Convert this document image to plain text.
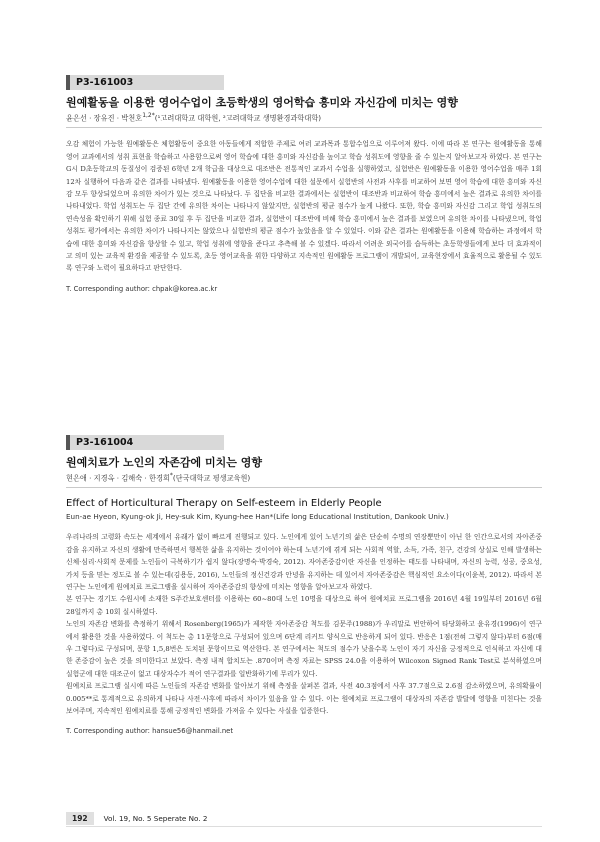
P3-161003
원예활동을 이용한 영어수업이 초등학생의 영어학습 흥미와 자신감에 미치는 영향
윤은선 · 장유진 · 박천호$^{1,2*}$(¹고려대학교 대학원, ²고려대학교 생명환경과학대학)

오감 체험이 가능한 원예활동은 체험활동이 중요한 아동들에게 적합한 주제로 여러 교과목과 통합수업으로 이루어져 왔다. 이에 따라 본 연구는 원예활동을 통해 영어 교과에서의 성취 표현을 학습하고 사용함으로써 영어 학습에 대한 흥미와 자신감을 높이고 학습 성취도에 영향을 줄 수 있는지 알아보고자 하였다. 본 연구는 G시 D초등학교의 동질성이 검증된 6학년 2개 학급을 대상으로 대조반은 전통적인 교과서 수업을 실행하였고, 실험반은 원예활동을 이용한 영어수업을 매주 1회 12차 실행하여 다음과 같은 결과를 나타냈다. 원예활동을 이용한 영어수업에 대한 설문에서 실험반의 사전과 사후를 비교하여 보면 영어 학습에 대한 흥미와 자신감 모두 향상되었으며 유의한 차이가 있는 것으로 나타났다. 두 집단을 비교한 결과에서는 실험반이 대조반과 비교하여 학습 흥미에서 높은 결과로 유의한 차이를 나타내었다. 학업 성취도는 두 집단 간에 유의한 차이는 나타나지 않았지만, 실험반의 평균 점수가 높게 나왔다. 또한, 학습 흥미와 자신감 그리고 학업 성취도의 연속성을 확인하기 위해 실험 종료 30일 후 두 집단을 비교한 결과, 실험반이 대조반에 비해 학습 흥미에서 높은 결과를 보였으며 유의한 차이를 나타냈으며, 학업 성취도 평가에서는 유의한 차이가 나타나지는 않았으나 실험반의 평균 점수가 높았음을 알 수 있었다. 이와 같은 결과는 원예활동을 이용해 학습하는 과정에서 학습에 대한 흥미와 자신감을 향상할 수 있고, 학업 성취에 영향을 준다고 추측해 볼 수 있겠다. 따라서 어려운 외국어를 습득하는 초등학생들에게 보다 더 효과적이고 의미 있는 교육적 환경을 제공할 수 있도록, 초등 영어교육을 위한 다양하고 지속적인 원예활동 프로그램이 개발되어, 교육현장에서 효율적으로 활용될 수 있도록 연구와 노력이 필요하다고 판단한다.

T. Corresponding author: chpak@korea.ac.kr
P3-161004
원예치료가 노인의 자존감에 미치는 영향
현은애 · 지경옥 · 김해숙 · 한경희*(단국대학교 평생교육원)
Effect of Horticultural Therapy on Self-esteem in Elderly People
Eun-ae Hyeon, Kyung-ok Ji, Hey-suk Kim, Kyung-hee Han*(Life long Educational Institution, Dankook Univ.)

우리나라의 고령화 속도는 세계에서 유래가 없이 빠르게 진행되고 있다. 노인에게 있어 노년기의 삶은 단순히 수명의 연장뿐만이 아닌 한 인간으로서의 자아존중감을 유지하고 자신의 생활에 만족하면서 행복한 삶을 유지하는 것이어야 하는데 노년기에 겪게 되는 사회적 역할, 소득, 가족, 친구, 건강의 상실로 인해 발생하는 신체·심리·사회적 문제를 노인들이 극복하기가 쉽지 않다(장명숙·박경숙, 2012). 자아존중감이란 자신을 인정하는 태도를 나타내며, 자신의 능력, 성공, 중요성, 가치 등을 믿는 정도로 볼 수 있는데(김용동, 2016), 노인들의 정신건강과 안녕을 유지하는 데 있어서 자아존중감은 핵심적인 요소이다(이윤복, 2012). 따라서 본 연구는 노인에게 원예치료 프로그램을 실시하여 자아존중감의 향상에 미치는 영향을 알아보고자 하였다.

본 연구는 경기도 수원시에 소재한 S주간보호센터를 이용하는 60~80대 노인 10명을 대상으로 하여 원예치료 프로그램을 2016년 4월 19일부터 2016년 6월 28일까지 총 10회 실시하였다.

노인의 자존감 변화를 측정하기 위해서 Rosenberg(1965)가 제작한 자아존중감 척도를 김문주(1988)가 우리말로 번안하여 타당화하고 윤유경(1996)이 연구에서 활용한 것을 사용하였다. 이 척도는 총 11문항으로 구성되어 있으며 6단계 리커트 양식으로 반응하게 되어 있다. 반응은 1점(전혀 그렇지 않다)부터 6점(매우 그렇다)로 구성되며, 문항 1,5,8번은 도치된 문항이므로 역산한다. 본 연구에서는 척도의 점수가 낮을수록 노인이 자기 자신을 긍정적으로 인식하고 자신에 대한 존중감이 높은 것을 의미한다고 보았다. 측정 내적 합치도는 .870이며 측정 자료는 SPSS 24.0을 이용하여 Wilcoxon Signed Rank Test로 분석하였으며 실험군에 대한 대조군이 없고 대상자수가 적어 연구결과를 일반화하기에 무리가 있다.

원예치료 프로그램 실시에 따른 노인들의 자존감 변화를 알아보기 위해 측정을 살펴본 결과, 사전 40.3점에서 사후 37.7점으로 2.6점 감소하였으며, 유의확률이 0.005**로 통계적으로 유의하게 나타나 사전·사후에 따라서 차이가 있음을 알 수 있다. 이는 원예치료 프로그램이 대상자의 자존감 발달에 영향을 미친다는 것을 보여주며, 지속적인 원예치료를 통해 긍정적인 변화를 가져올 수 있다는 사실을 입증한다.

T. Corresponding author: hansue56@hanmail.net
192 Vol. 19, No. 5 Seperate No. 2
